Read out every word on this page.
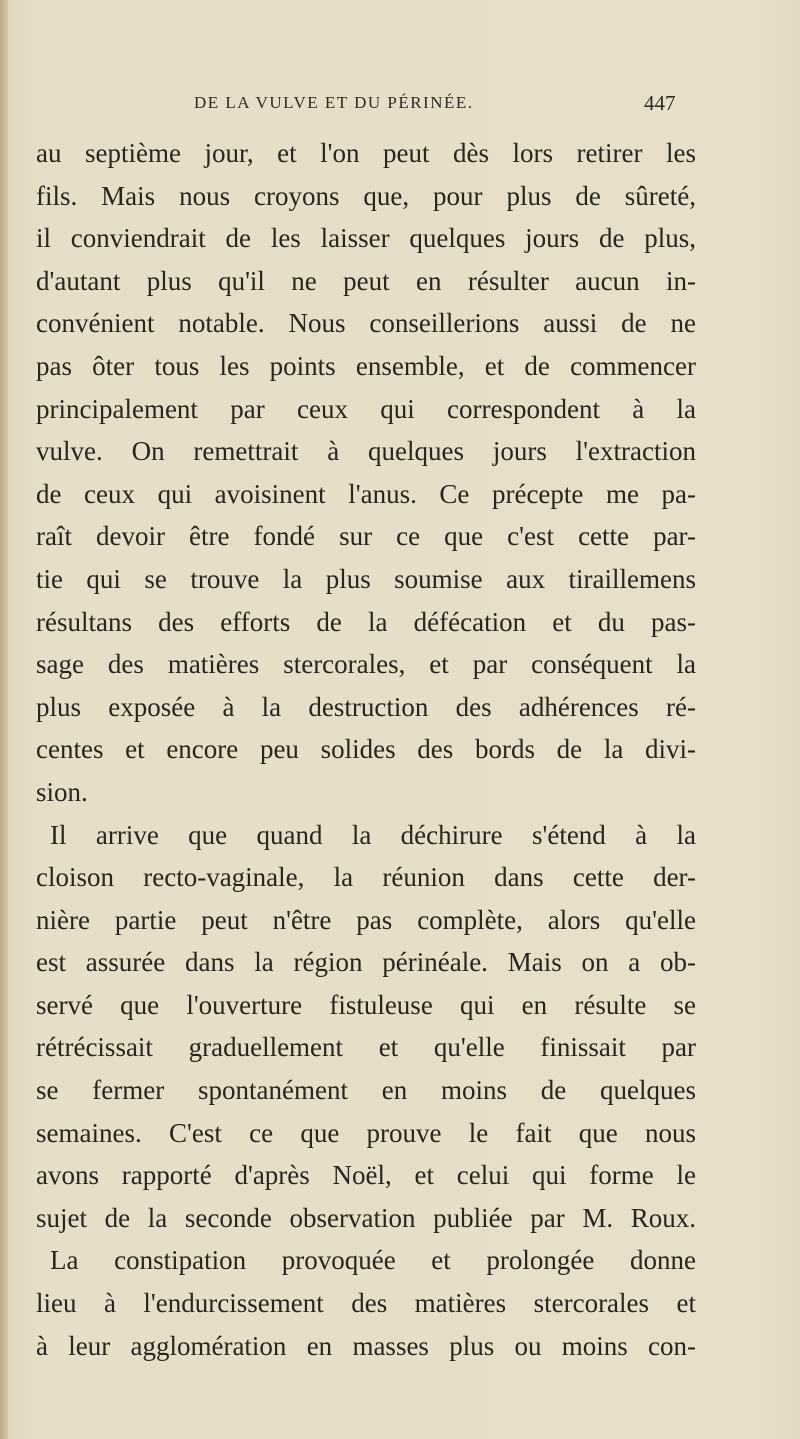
DE LA VULVE ET DU PÉRINÉE.	447
au septième jour, et l'on peut dès lors retirer les
fils. Mais nous croyons que, pour plus de sûreté,
il conviendrait de les laisser quelques jours de plus,
d'autant plus qu'il ne peut en résulter aucun in-
convénient notable. Nous conseillerions aussi de ne
pas ôter tous les points ensemble, et de commencer
principalement par ceux qui correspondent à la
vulve. On remettrait à quelques jours l'extraction
de ceux qui avoisinent l'anus. Ce précepte me pa-
raît devoir être fondé sur ce que c'est cette par-
tie qui se trouve la plus soumise aux tiraillemens
résultans des efforts de la défécation et du pas-
sage des matières stercorales, et par conséquent la
plus exposée à la destruction des adhérences ré-
centes et encore peu solides des bords de la divi-
sion.
Il arrive que quand la déchirure s'étend à la
cloison recto-vaginale, la réunion dans cette der-
nière partie peut n'être pas complète, alors qu'elle
est assurée dans la région périnéale. Mais on a ob-
servé que l'ouverture fistuleuse qui en résulte se
rétrécissait graduellement et qu'elle finissait par
se fermer spontanément en moins de quelques
semaines. C'est ce que prouve le fait que nous
avons rapporté d'après Noël, et celui qui forme le
sujet de la seconde observation publiée par M. Roux.
La constipation provoquée et prolongée donne
lieu à l'endurcissement des matières stercorales et
à leur agglomération en masses plus ou moins con-
